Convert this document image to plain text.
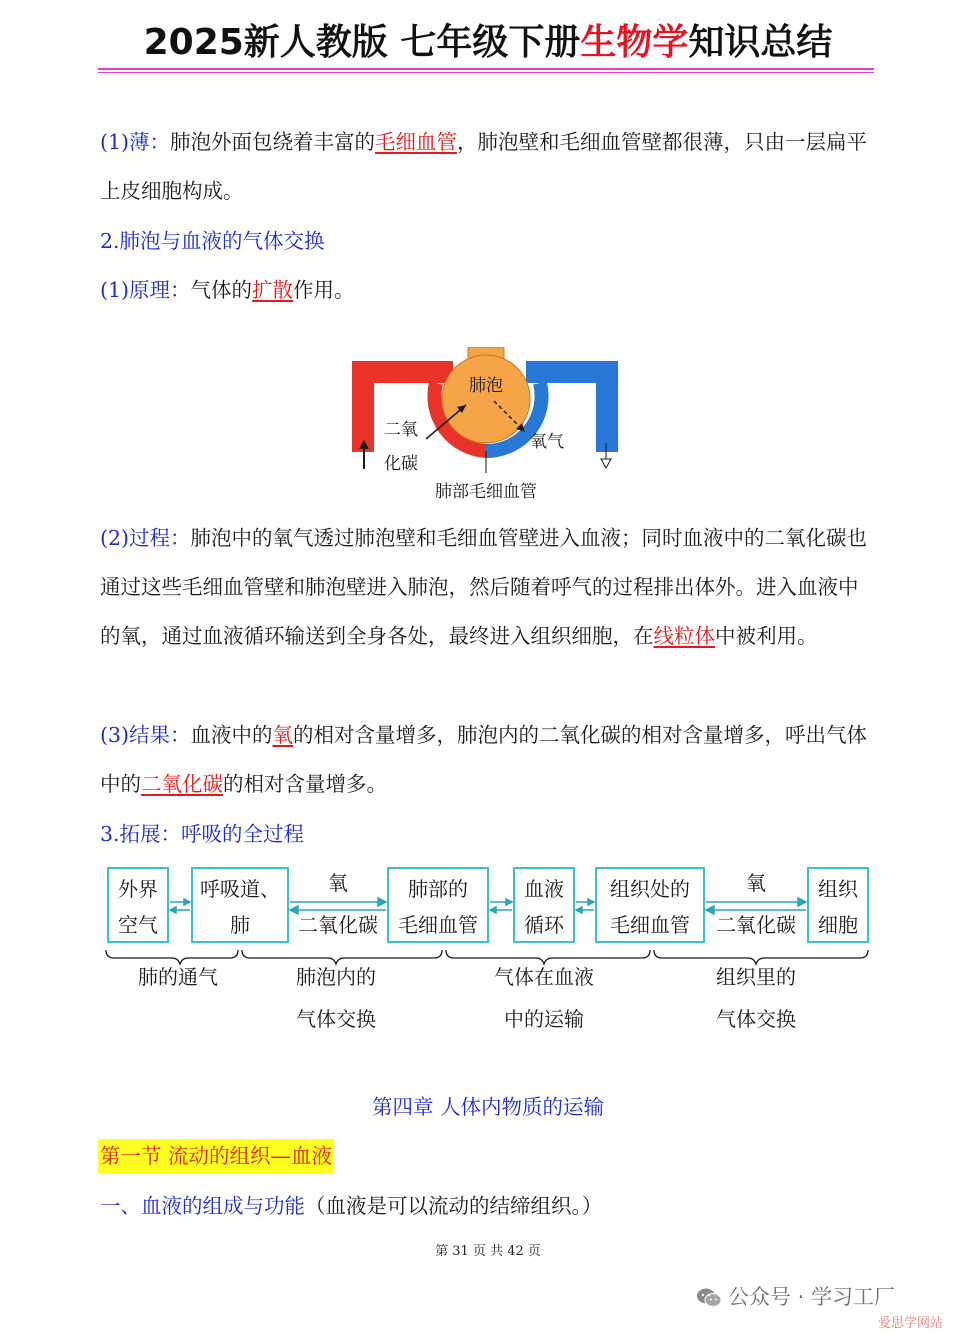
2025新人教版 七年级下册生物学知识总结
(1)薄：肺泡外面包绕着丰富的毛细血管，肺泡壁和毛细血管壁都很薄，只由一层扁平上皮细胞构成。
2.肺泡与血液的气体交换
(1)原理：气体的扩散作用。
肺泡
二氧
化碳
氧气
肺部毛细血管
(2)过程：肺泡中的氧气透过肺泡壁和毛细血管壁进入血液；同时血液中的二氧化碳也通过这些毛细血管壁和肺泡壁进入肺泡，然后随着呼气的过程排出体外。进入血液中的氧，通过血液循环输送到全身各处，最终进入组织细胞，在线粒体中被利用。
(3)结果：血液中的氧的相对含量增多，肺泡内的二氧化碳的相对含量增多，呼出气体中的二氧化碳的相对含量增多。
3.拓展：呼吸的全过程
外界
空气
呼吸道、
肺
肺部的
毛细血管
血液
循环
组织处的
毛细血管
组织
细胞
氧
二氧化碳
氧
二氧化碳
肺的通气	肺泡内的
气体交换
气体在血液
中的运输
组织里的
气体交换
第四章 人体内物质的运输
第一节 流动的组织—血液
一、血液的组成与功能（血液是可以流动的结缔组织。）
第 31 页 共 42 页
公众号 · 学习工厂
爱思学网站
